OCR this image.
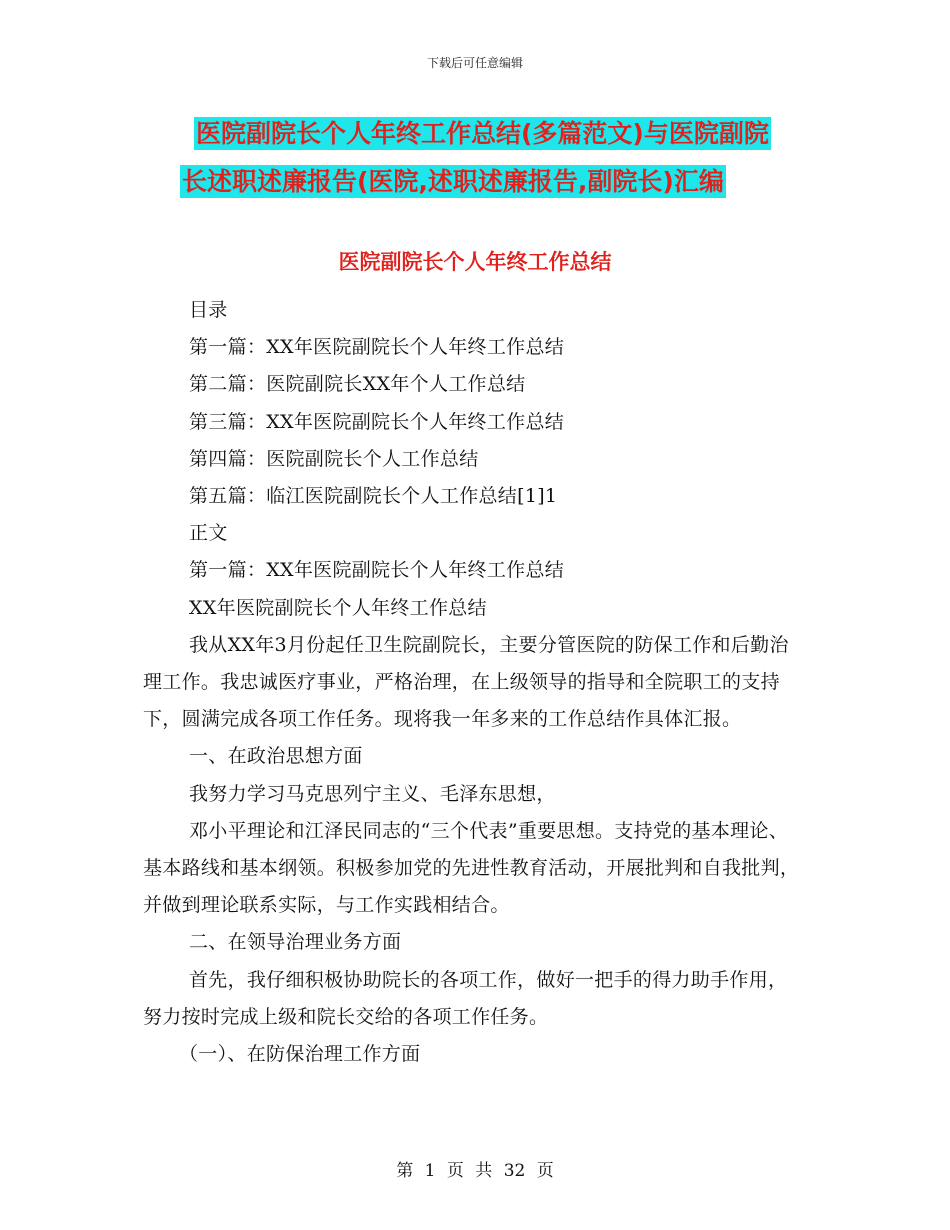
下载后可任意编辑
医院副院长个人年终工作总结(多篇范文)与医院副院
长述职述廉报告(医院,述职述廉报告,副院长)汇编
医院副院长个人年终工作总结

目录

第一篇：XX年医院副院长个人年终工作总结

第二篇：医院副院长XX年个人工作总结

第三篇：XX年医院副院长个人年终工作总结

第四篇：医院副院长个人工作总结

第五篇：临江医院副院长个人工作总结[1]1

正文

第一篇：XX年医院副院长个人年终工作总结

XX年医院副院长个人年终工作总结

我从XX年3月份起任卫生院副院长，主要分管医院的防保工作和后勤治理工作。我忠诚医疗事业，严格治理，在上级领导的指导和全院职工的支持下，圆满完成各项工作任务。现将我一年多来的工作总结作具体汇报。

一、在政治思想方面

我努力学习马克思列宁主义、毛泽东思想，

邓小平理论和江泽民同志的“三个代表”重要思想。支持党的基本理论、基本路线和基本纲领。积极参加党的先进性教育活动，开展批判和自我批判，并做到理论联系实际，与工作实践相结合。

二、在领导治理业务方面

首先，我仔细积极协助院长的各项工作，做好一把手的得力助手作用，努力按时完成上级和院长交给的各项工作任务。

（一）、在防保治理工作方面

第 1 页 共 32 页
